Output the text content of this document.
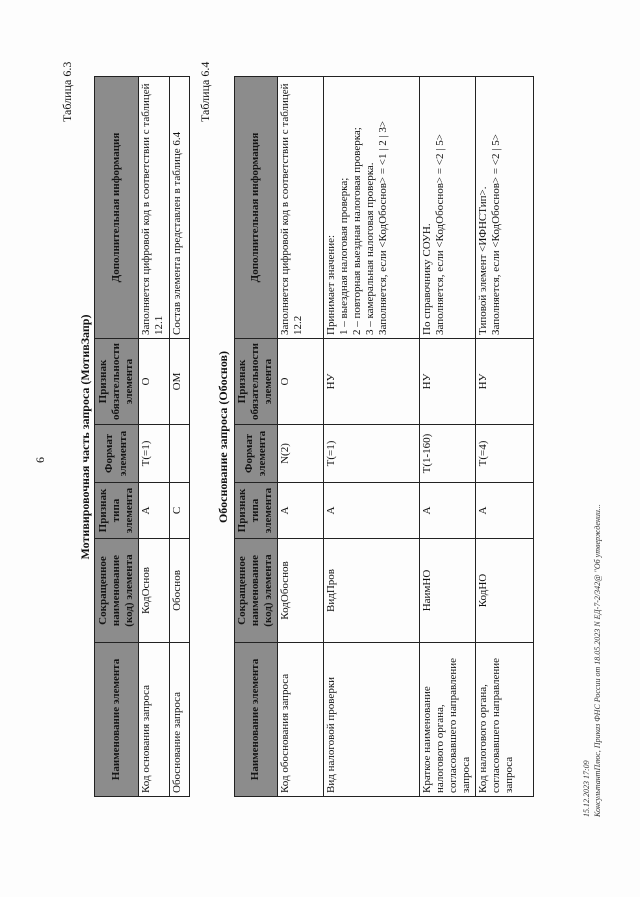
6
Таблица 6.3
Мотивировочная часть запроса (МотивЗапр)
Наименование элемента	Сокращенное наименование (код) элемента	Признак типа элемента	Формат элемента	Признак обязательности элемента	Дополнительная информация
Код основания запроса	КодОснов	А	Т(=1)	О	Заполняется цифровой код в соответствии с таблицей 12.1
Обоснование запроса	Обоснов	С		ОМ	Состав элемента представлен в таблице 6.4
Таблица 6.4
Обоснование запроса (Обоснов)
Наименование элемента	Сокращенное наименование (код) элемента	Признак типа элемента	Формат элемента	Признак обязательности элемента	Дополнительная информация
Код обоснования запроса	КодОбоснов	А	N(2)	О	Заполняется цифровой код в соответствии с таблицей 12.2
Вид налоговой проверки	ВидПров	А	Т(=1)	НУ	Принимает значение:
1 – выездная налоговая проверка;
2 – повторная выездная налоговая проверка;
3 – камеральная налоговая проверка.
Заполняется, если <КодОбоснов> = <1 | 2 | 3>
Краткое наименование налогового органа, согласовавшего направление запроса	НаимНО	А	Т(1-160)	НУ	По справочнику СОУН.
Заполняется, если <КодОбоснов> = <2 | 5>
Код налогового органа, согласовавшего направление запроса	КодНО	А	Т(=4)	НУ	Типовой элемент <ИФНСТип>.
Заполняется, если <КодОбоснов> = <2 | 5>
15.12.2023 17:09 КонсультантПлюс, Приказ ФНС России от 18.05.2023 N ЕД-7-2/342@ "Об утверждении...
